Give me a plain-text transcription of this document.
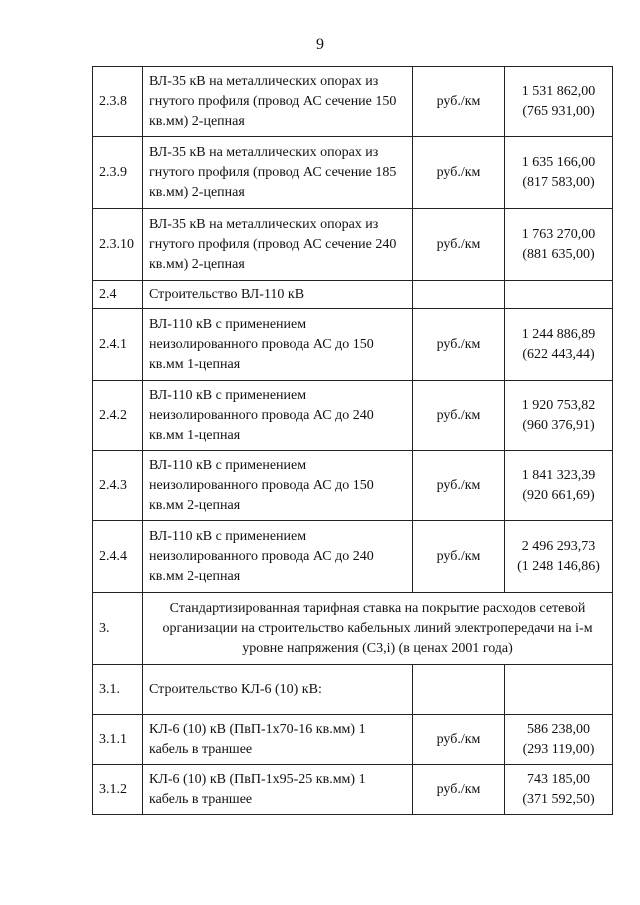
9
2.3.8	ВЛ-35 кВ на металлических опорах из гнутого профиля (провод АС сечение 150 кв.мм) 2-цепная	руб./км	1 531 862,00
(765 931,00)

2.3.9	ВЛ-35 кВ на металлических опорах из гнутого профиля (провод АС сечение 185 кв.мм) 2-цепная	руб./км	1 635 166,00
(817 583,00)

2.3.10	ВЛ-35 кВ на металлических опорах из гнутого профиля (провод АС сечение 240 кв.мм) 2-цепная	руб./км	1 763 270,00
(881 635,00)

2.4	Строительство ВЛ-110 кВ		
2.4.1	ВЛ-110 кВ с применением неизолированного провода АС до 150 кв.мм 1-цепная	руб./км	1 244 886,89
(622 443,44)

2.4.2	ВЛ-110 кВ с применением неизолированного провода АС до 240 кв.мм 1-цепная	руб./км	1 920 753,82
(960 376,91)

2.4.3	ВЛ-110 кВ с применением неизолированного провода АС до 150 кв.мм 2-цепная	руб./км	1 841 323,39
(920 661,69)

2.4.4	ВЛ-110 кВ с применением неизолированного провода АС до 240 кв.мм 2-цепная	руб./км	2 496 293,73
(1 248 146,86)

3.	Стандартизированная тарифная ставка на покрытие расходов сетевой организации на строительство кабельных линий электропередачи на i-м уровне напряжения (С3,i) (в ценах 2001 года)		
3.1.	Строительство КЛ-6 (10) кВ:		
3.1.1	КЛ-6 (10) кВ (ПвП-1х70-16 кв.мм) 1 кабель в траншее	руб./км	586 238,00
(293 119,00)

3.1.2	КЛ-6 (10) кВ (ПвП-1х95-25 кв.мм) 1 кабель в траншее	руб./км	743 185,00
(371 592,50)
